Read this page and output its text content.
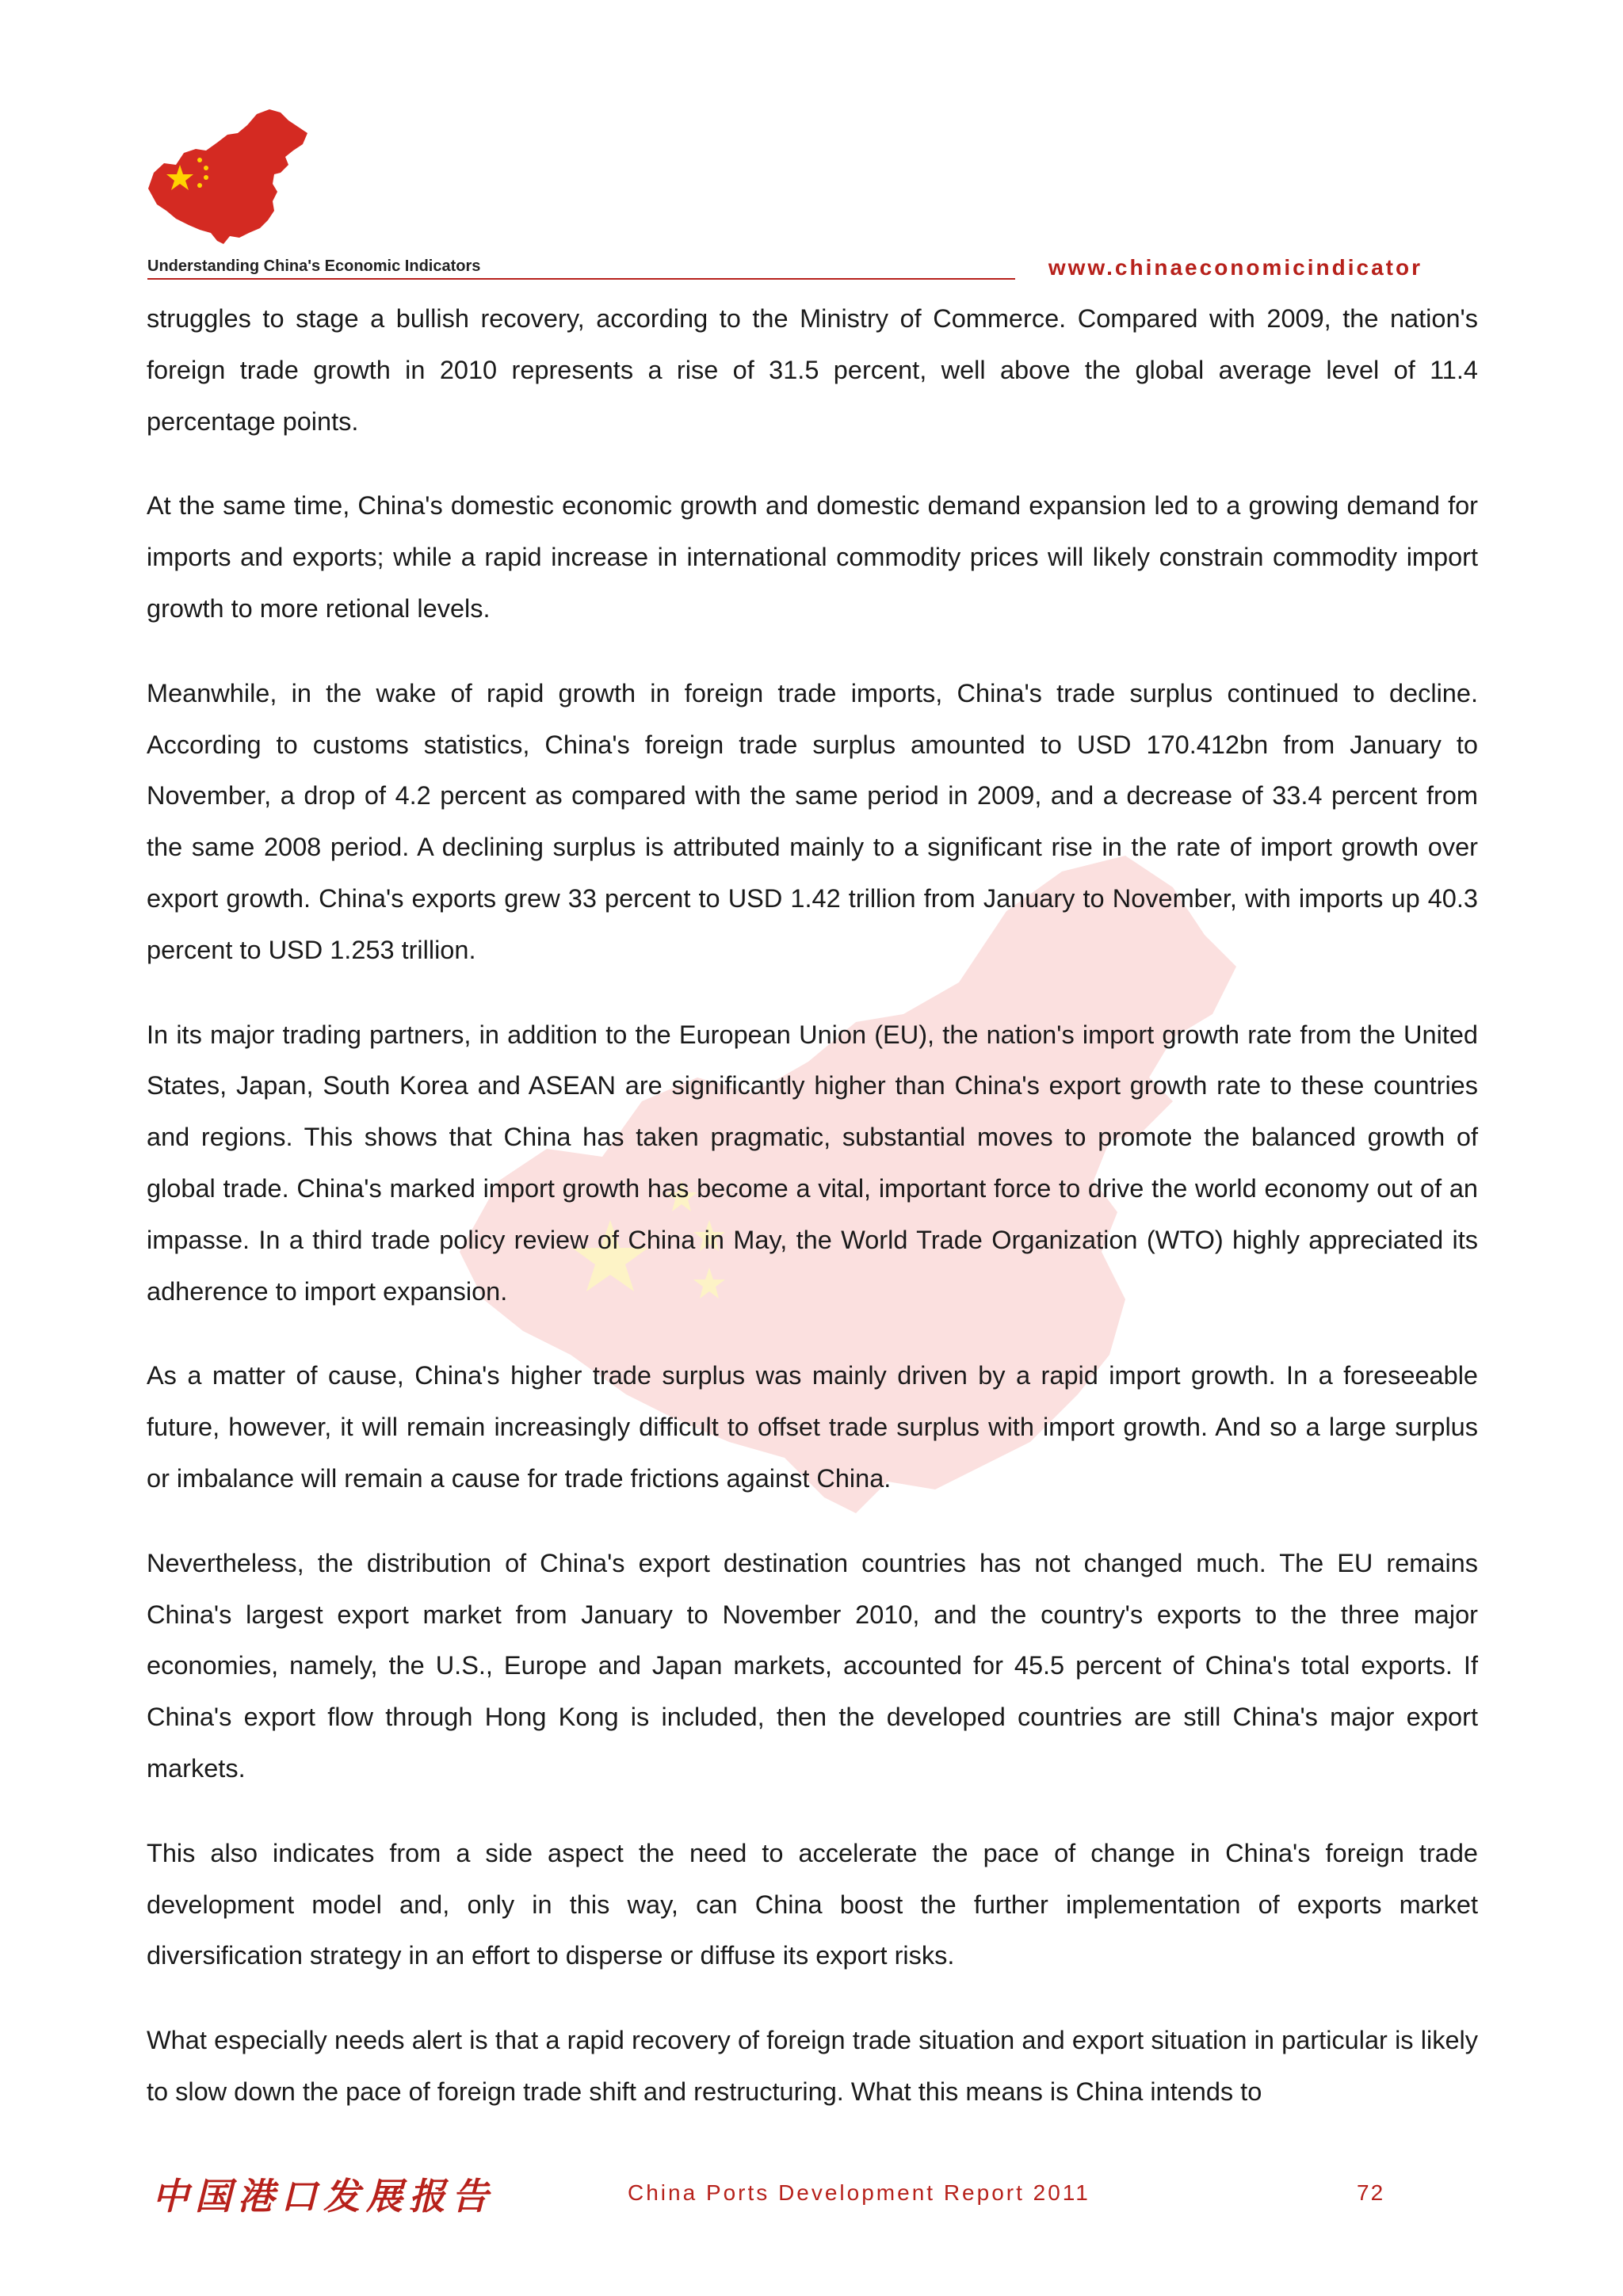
Understanding China's Economic Indicators	www.chinaeconomicindicator

struggles to stage a bullish recovery, according to the Ministry of Commerce. Compared with 2009, the nation's foreign trade growth in 2010 represents a rise of 31.5 percent, well above the global average level of 11.4 percentage points.

At the same time, China's domestic economic growth and domestic demand expansion led to a growing demand for imports and exports; while a rapid increase in international commodity prices will likely constrain commodity import growth to more retional levels.

Meanwhile, in the wake of rapid growth in foreign trade imports, China's trade surplus continued to decline. According to customs statistics, China's foreign trade surplus amounted to USD 170.412bn from January to November, a drop of 4.2 percent as compared with the same period in 2009, and a decrease of 33.4 percent from the same 2008 period. A declining surplus is attributed mainly to a significant rise in the rate of import growth over export growth. China's exports grew 33 percent to USD 1.42 trillion from January to November, with imports up 40.3 percent to USD 1.253 trillion.

In its major trading partners, in addition to the European Union (EU), the nation's import growth rate from the United States, Japan, South Korea and ASEAN are significantly higher than China's export growth rate to these countries and regions. This shows that China has taken pragmatic, substantial moves to promote the balanced growth of global trade. China's marked import growth has become a vital, important force to drive the world economy out of an impasse. In a third trade policy review of China in May, the World Trade Organization (WTO) highly appreciated its adherence to import expansion.

As a matter of cause, China's higher trade surplus was mainly driven by a rapid import growth. In a foreseeable future, however, it will remain increasingly difficult to offset trade surplus with import growth. And so a large surplus or imbalance will remain a cause for trade frictions against China.

Nevertheless, the distribution of China's export destination countries has not changed much. The EU remains China's largest export market from January to November 2010, and the country's exports to the three major economies, namely, the U.S., Europe and Japan markets, accounted for 45.5 percent of China's total exports. If China's export flow through Hong Kong is included, then the developed countries are still China's major export markets.

This also indicates from a side aspect the need to accelerate the pace of change in China's foreign trade development model and, only in this way, can China boost the further implementation of exports market diversification strategy in an effort to disperse or diffuse its export risks.

What especially needs alert is that a rapid recovery of foreign trade situation and export situation in particular is likely to slow down the pace of foreign trade shift and restructuring. What this means is China intends to

中国港口发展报告	China Ports Development Report 2011	72
